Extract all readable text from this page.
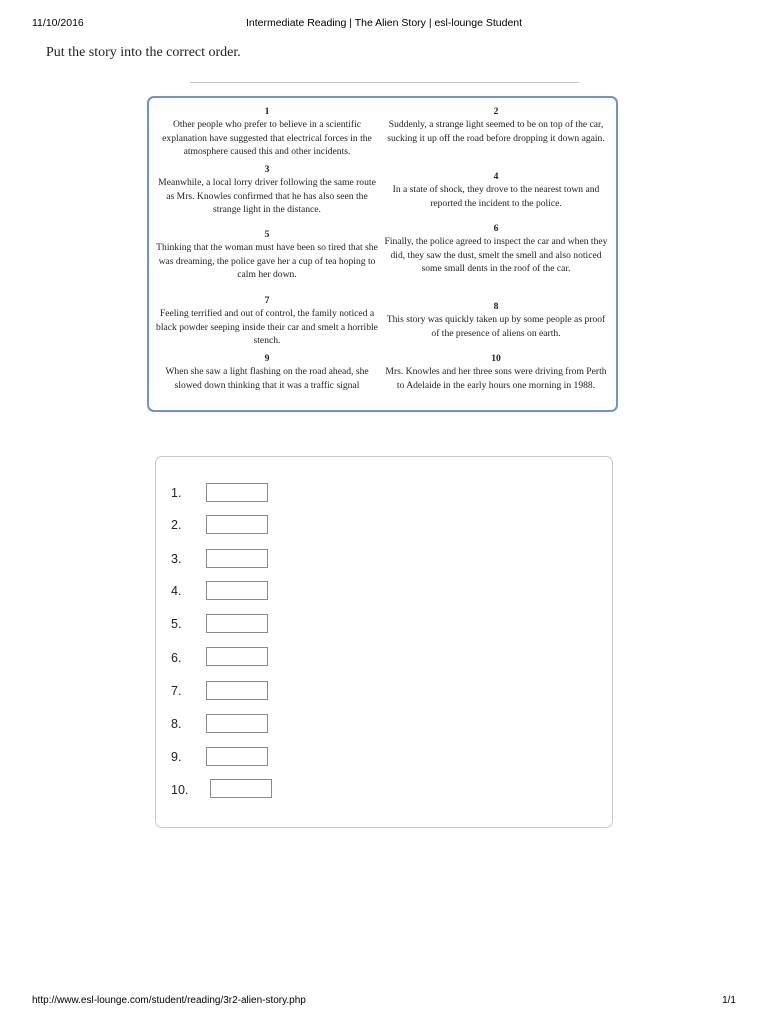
11/10/2016	Intermediate Reading | The Alien Story | esl-lounge Student
Put the story into the correct order.
1
Other people who prefer to believe in a scientific explanation have suggested that electrical forces in the atmosphere caused this and other incidents.
2
Suddenly, a strange light seemed to be on top of the car, sucking it up off the road before dropping it down again.
3
Meanwhile, a local lorry driver following the same route as Mrs. Knowles confirmed that he has also seen the strange light in the distance.
4
In a state of shock, they drove to the nearest town and reported the incident to the police.
5
Thinking that the woman must have been so tired that she was dreaming, the police gave her a cup of tea hoping to calm her down.
6
Finally, the police agreed to inspect the car and when they did, they saw the dust, smelt the smell and also noticed some small dents in the roof of the car.
7
Feeling terrified and out of control, the family noticed a black powder seeping inside their car and smelt a horrible stench.
8
This story was quickly taken up by some people as proof of the presence of aliens on earth.
9
When she saw a light flashing on the road ahead, she slowed down thinking that it was a traffic signal
10
Mrs. Knowles and her three sons were driving from Perth to Adelaide in the early hours one morning in 1988.
1.
2.
3.
4.
5.
6.
7.
8.
9.
10.
http://www.esl-lounge.com/student/reading/3r2-alien-story.php	1/1
